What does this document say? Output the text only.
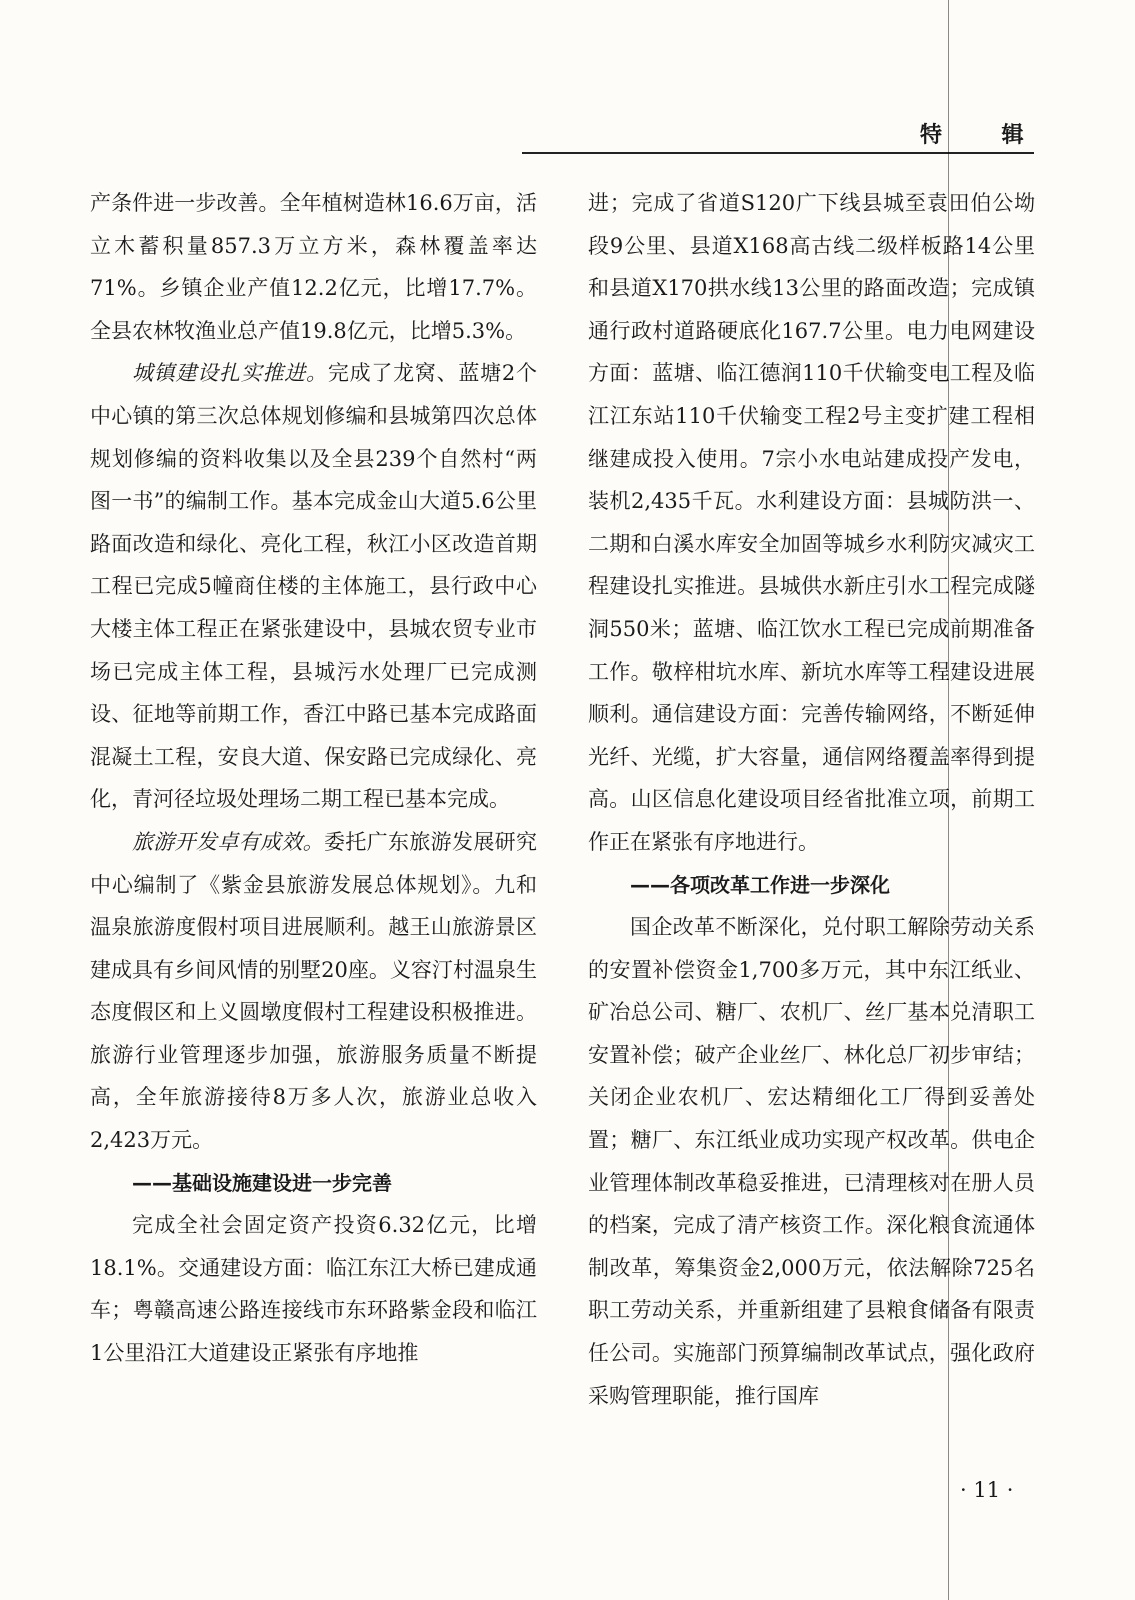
特 辑

产条件进一步改善。全年植树造林16.6万亩，活立木蓄积量857.3万立方米，森林覆盖率达71%。乡镇企业产值12.2亿元，比增17.7%。全县农林牧渔业总产值19.8亿元，比增5.3%。

城镇建设扎实推进。完成了龙窝、蓝塘2个中心镇的第三次总体规划修编和县城第四次总体规划修编的资料收集以及全县239个自然村“两图一书”的编制工作。基本完成金山大道5.6公里路面改造和绿化、亮化工程，秋江小区改造首期工程已完成5幢商住楼的主体施工，县行政中心大楼主体工程正在紧张建设中，县城农贸专业市场已完成主体工程，县城污水处理厂已完成测设、征地等前期工作，香江中路已基本完成路面混凝土工程，安良大道、保安路已完成绿化、亮化，青河径垃圾处理场二期工程已基本完成。

旅游开发卓有成效。委托广东旅游发展研究中心编制了《紫金县旅游发展总体规划》。九和温泉旅游度假村项目进展顺利。越王山旅游景区建成具有乡间风情的别墅20座。义容汀村温泉生态度假区和上义圆墩度假村工程建设积极推进。旅游行业管理逐步加强，旅游服务质量不断提高，全年旅游接待8万多人次，旅游业总收入2,423万元。

——基础设施建设进一步完善

完成全社会固定资产投资6.32亿元，比增18.1%。交通建设方面：临江东江大桥已建成通车；粤赣高速公路连接线市东环路紫金段和临江1公里沿江大道建设正紧张有序地推

进；完成了省道S120广下线县城至袁田伯公坳段9公里、县道X168高古线二级样板路14公里和县道X170拱水线13公里的路面改造；完成镇通行政村道路硬底化167.7公里。电力电网建设方面：蓝塘、临江德润110千伏输变电工程及临江江东站110千伏输变工程2号主变扩建工程相继建成投入使用。7宗小水电站建成投产发电，装机2,435千瓦。水利建设方面：县城防洪一、二期和白溪水库安全加固等城乡水利防灾减灾工程建设扎实推进。县城供水新庄引水工程完成隧洞550米；蓝塘、临江饮水工程已完成前期准备工作。敬梓柑坑水库、新坑水库等工程建设进展顺利。通信建设方面：完善传输网络，不断延伸光纤、光缆，扩大容量，通信网络覆盖率得到提高。山区信息化建设项目经省批准立项，前期工作正在紧张有序地进行。

——各项改革工作进一步深化

国企改革不断深化，兑付职工解除劳动关系的安置补偿资金1,700多万元，其中东江纸业、矿冶总公司、糖厂、农机厂、丝厂基本兑清职工安置补偿；破产企业丝厂、林化总厂初步审结；关闭企业农机厂、宏达精细化工厂得到妥善处置；糖厂、东江纸业成功实现产权改革。供电企业管理体制改革稳妥推进，已清理核对在册人员的档案，完成了清产核资工作。深化粮食流通体制改革，筹集资金2,000万元，依法解除725名职工劳动关系，并重新组建了县粮食储备有限责任公司。实施部门预算编制改革试点，强化政府采购管理职能，推行国库

· 11 ·
